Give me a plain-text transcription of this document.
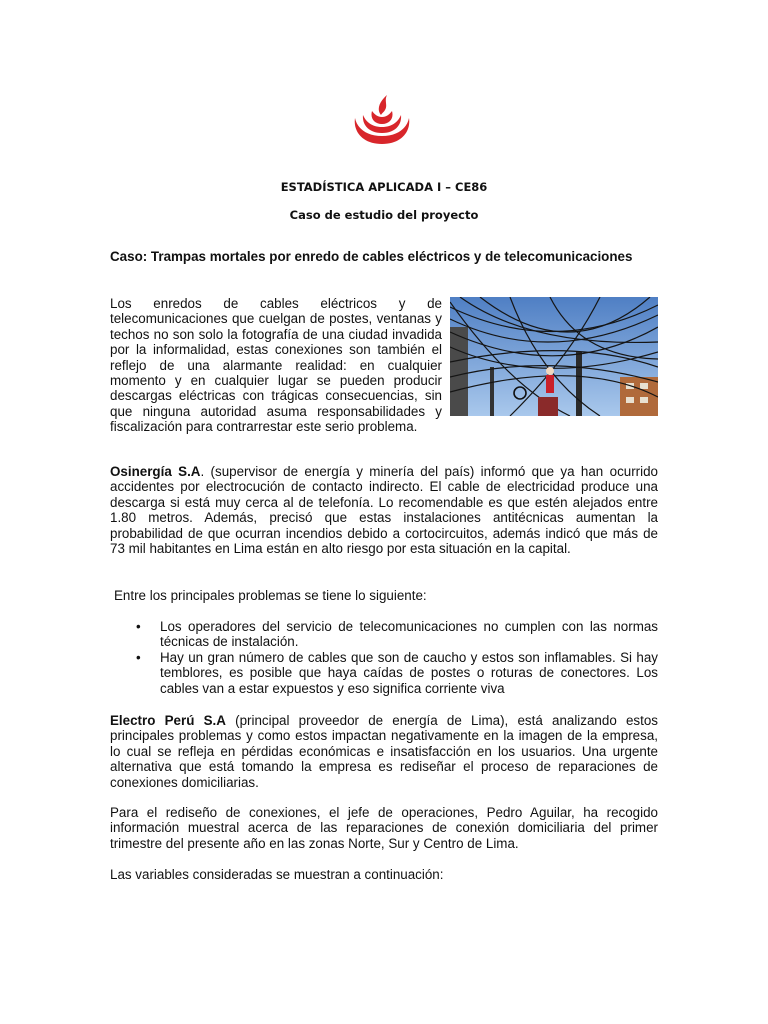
ESTADÍSTICA APLICADA I – CE86
Caso de estudio del proyecto
Caso: Trampas mortales por enredo de cables eléctricos y de telecomunicaciones

Los enredos de cables eléctricos y de telecomunicaciones que cuelgan de postes, ventanas y techos no son solo la fotografía de una ciudad invadida por la informalidad, estas conexiones son también el reflejo de una alarmante realidad: en cualquier momento y en cualquier lugar se pueden producir descargas eléctricas con trágicas consecuencias, sin que ninguna autoridad asuma responsabilidades y fiscalización para contrarrestar este serio problema.

Osinergía S.A. (supervisor de energía y minería del país) informó que ya han ocurrido accidentes por electrocución de contacto indirecto. El cable de electricidad produce una descarga si está muy cerca al de telefonía. Lo recomendable es que estén alejados entre 1.80 metros. Además, precisó que estas instalaciones antitécnicas aumentan la probabilidad de que ocurran incendios debido a cortocircuitos, además indicó que más de 73 mil habitantes en Lima están en alto riesgo por esta situación en la capital.
Entre los principales problemas se tiene lo siguiente:
• Los operadores del servicio de telecomunicaciones no cumplen con las normas técnicas de instalación.
• Hay un gran número de cables que son de caucho y estos son inflamables. Si hay temblores, es posible que haya caídas de postes o roturas de conectores. Los cables van a estar expuestos y eso significa corriente viva
Electro Perú S.A (principal proveedor de energía de Lima), está analizando estos principales problemas y como estos impactan negativamente en la imagen de la empresa, lo cual se refleja en pérdidas económicas e insatisfacción en los usuarios. Una urgente alternativa que está tomando la empresa es rediseñar el proceso de reparaciones de conexiones domiciliarias.
Para el rediseño de conexiones, el jefe de operaciones, Pedro Aguilar, ha recogido información muestral acerca de las reparaciones de conexión domiciliaria del primer trimestre del presente año en las zonas Norte, Sur y Centro de Lima.
Las variables consideradas se muestran a continuación:
